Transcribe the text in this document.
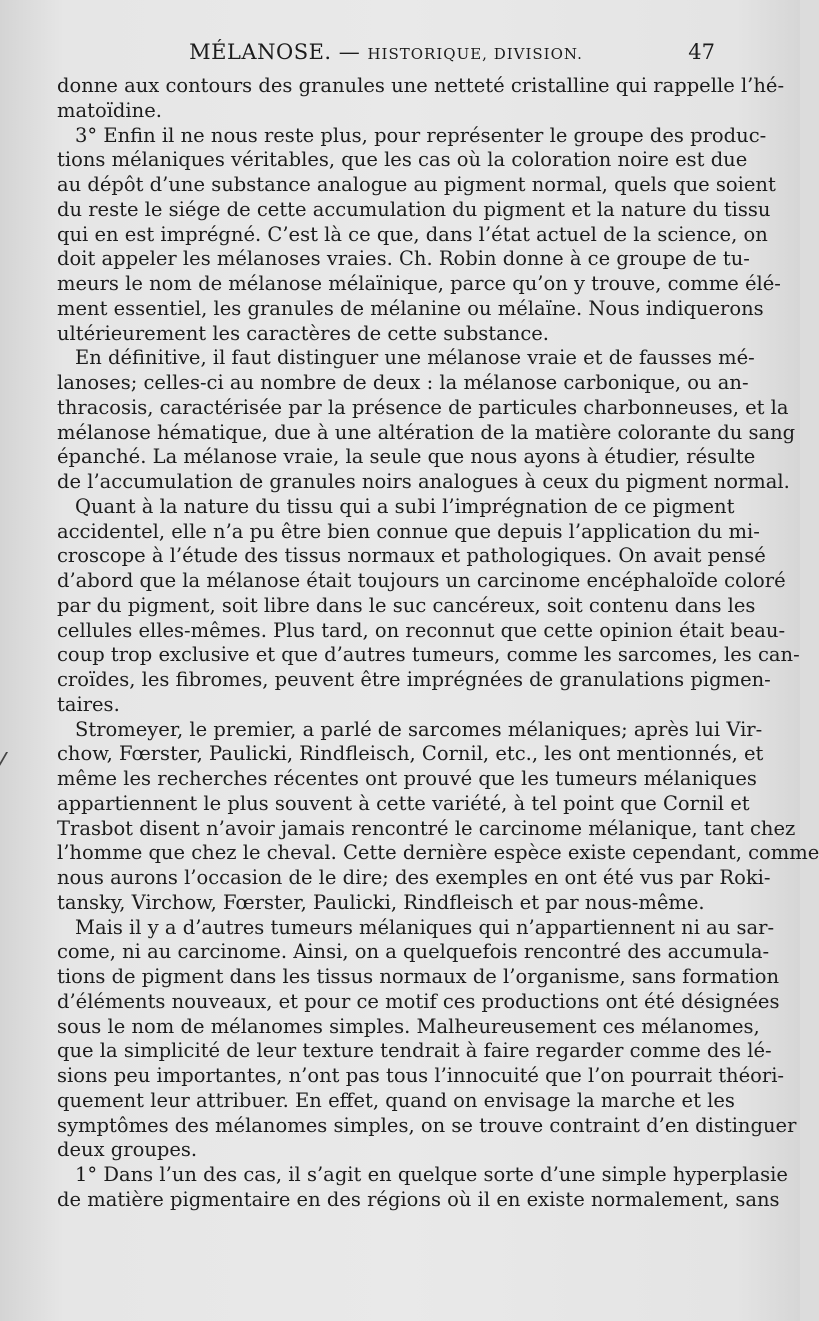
MÉLANOSE. — HISTORIQUE, DIVISION.	47
donne aux contours des granules une netteté cristalline qui rappelle l’hé-
matoïdine.
3° Enfin il ne nous reste plus, pour représenter le groupe des produc-
tions mélaniques véritables, que les cas où la coloration noire est due
au dépôt d’une substance analogue au pigment normal, quels que soient
du reste le siége de cette accumulation du pigment et la nature du tissu
qui en est imprégné. C’est là ce que, dans l’état actuel de la science, on
doit appeler les mélanoses vraies. Ch. Robin donne à ce groupe de tu-
meurs le nom de mélanose mélaïnique, parce qu’on y trouve, comme élé-
ment essentiel, les granules de mélanine ou mélaïne. Nous indiquerons
ultérieurement les caractères de cette substance.
En définitive, il faut distinguer une mélanose vraie et de fausses mé-
lanoses; celles-ci au nombre de deux : la mélanose carbonique, ou an-
thracosis, caractérisée par la présence de particules charbonneuses, et la
mélanose hématique, due à une altération de la matière colorante du sang
épanché. La mélanose vraie, la seule que nous ayons à étudier, résulte
de l’accumulation de granules noirs analogues à ceux du pigment normal.
Quant à la nature du tissu qui a subi l’imprégnation de ce pigment
accidentel, elle n’a pu être bien connue que depuis l’application du mi-
croscope à l’étude des tissus normaux et pathologiques. On avait pensé
d’abord que la mélanose était toujours un carcinome encéphaloïde coloré
par du pigment, soit libre dans le suc cancéreux, soit contenu dans les
cellules elles-mêmes. Plus tard, on reconnut que cette opinion était beau-
coup trop exclusive et que d’autres tumeurs, comme les sarcomes, les can-
croïdes, les fibromes, peuvent être imprégnées de granulations pigmen-
taires.
Stromeyer, le premier, a parlé de sarcomes mélaniques; après lui Vir-
chow, Fœrster, Paulicki, Rindfleisch, Cornil, etc., les ont mentionnés, et
même les recherches récentes ont prouvé que les tumeurs mélaniques
appartiennent le plus souvent à cette variété, à tel point que Cornil et
Trasbot disent n’avoir jamais rencontré le carcinome mélanique, tant chez
l’homme que chez le cheval. Cette dernière espèce existe cependant, comme
nous aurons l’occasion de le dire; des exemples en ont été vus par Roki-
tansky, Virchow, Fœrster, Paulicki, Rindfleisch et par nous-même.
Mais il y a d’autres tumeurs mélaniques qui n’appartiennent ni au sar-
come, ni au carcinome. Ainsi, on a quelquefois rencontré des accumula-
tions de pigment dans les tissus normaux de l’organisme, sans formation
d’éléments nouveaux, et pour ce motif ces productions ont été désignées
sous le nom de mélanomes simples. Malheureusement ces mélanomes,
que la simplicité de leur texture tendrait à faire regarder comme des lé-
sions peu importantes, n’ont pas tous l’innocuité que l’on pourrait théori-
quement leur attribuer. En effet, quand on envisage la marche et les
symptômes des mélanomes simples, on se trouve contraint d’en distinguer
deux groupes.
1° Dans l’un des cas, il s’agit en quelque sorte d’une simple hyperplasie
de matière pigmentaire en des régions où il en existe normalement, sans
